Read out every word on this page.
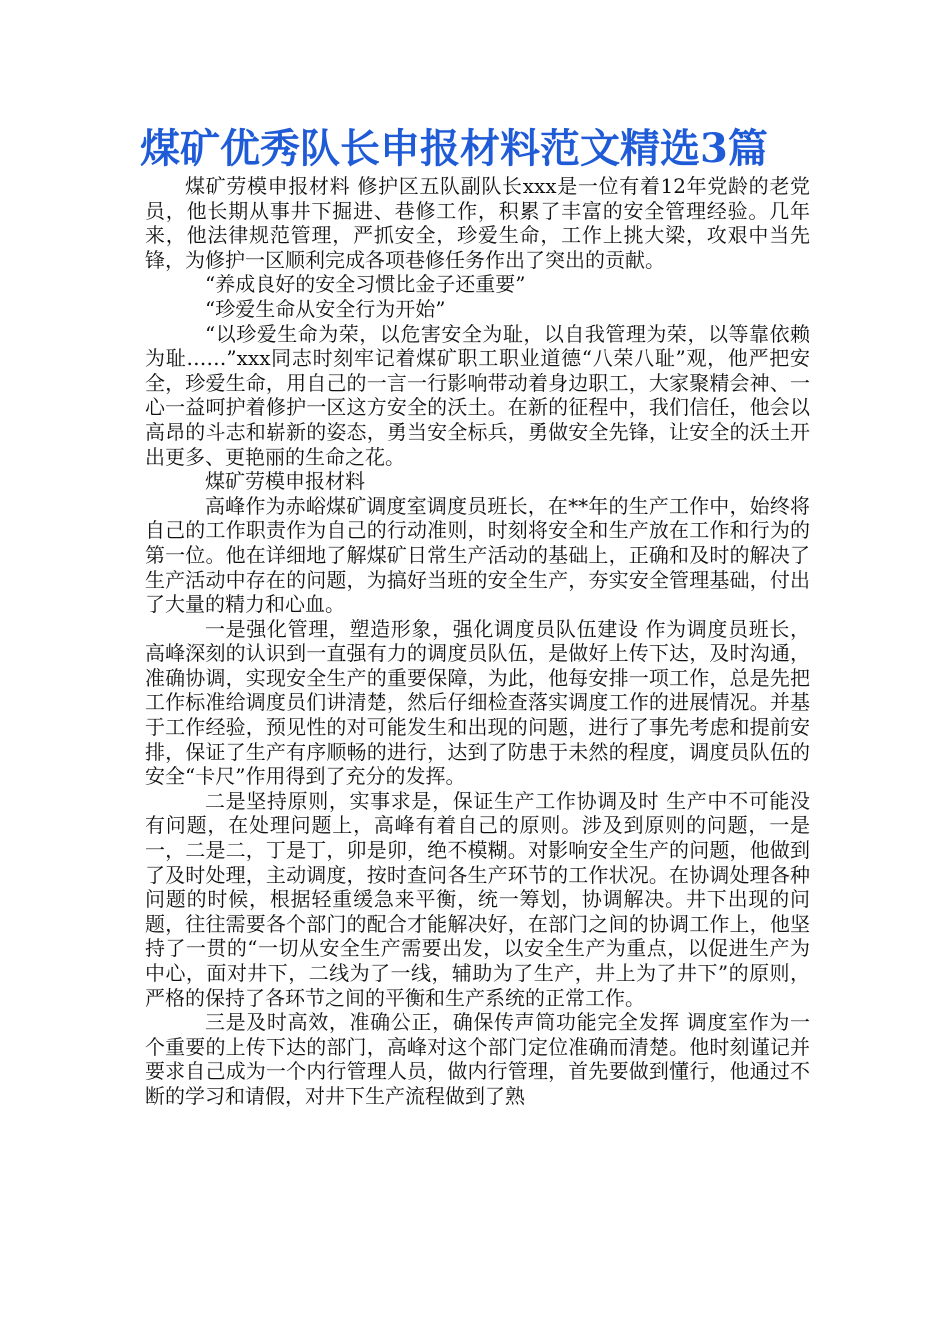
煤矿优秀队长申报材料范文精选3篇

煤矿劳模申报材料 修护区五队副队长xxx是一位有着12年党龄的老党员，他长期从事井下掘进、巷修工作，积累了丰富的安全管理经验。几年来，他法律规范管理，严抓安全，珍爱生命，工作上挑大梁，攻艰中当先锋，为修护一区顺利完成各项巷修任务作出了突出的贡献。

“养成良好的安全习惯比金子还重要”

“珍爱生命从安全行为开始”

“以珍爱生命为荣，以危害安全为耻，以自我管理为荣，以等靠依赖为耻……”xxx同志时刻牢记着煤矿职工职业道德“八荣八耻”观，他严把安全，珍爱生命，用自己的一言一行影响带动着身边职工，大家聚精会神、一心一益呵护着修护一区这方安全的沃土。在新的征程中，我们信任，他会以高昂的斗志和崭新的姿态，勇当安全标兵，勇做安全先锋，让安全的沃土开出更多、更艳丽的生命之花。

煤矿劳模申报材料

高峰作为赤峪煤矿调度室调度员班长，在**年的生产工作中，始终将自己的工作职责作为自己的行动准则，时刻将安全和生产放在工作和行为的第一位。他在详细地了解煤矿日常生产活动的基础上，正确和及时的解决了生产活动中存在的问题，为搞好当班的安全生产，夯实安全管理基础，付出了大量的精力和心血。

一是强化管理，塑造形象，强化调度员队伍建设 作为调度员班长，高峰深刻的认识到一直强有力的调度员队伍，是做好上传下达，及时沟通，准确协调，实现安全生产的重要保障，为此，他每安排一项工作，总是先把工作标准给调度员们讲清楚，然后仔细检查落实调度工作的进展情况。并基于工作经验，预见性的对可能发生和出现的问题，进行了事先考虑和提前安排，保证了生产有序顺畅的进行，达到了防患于未然的程度，调度员队伍的安全“卡尺”作用得到了充分的发挥。

二是坚持原则，实事求是，保证生产工作协调及时 生产中不可能没有问题，在处理问题上，高峰有着自己的原则。涉及到原则的问题，一是一，二是二，丁是丁，卯是卯，绝不模糊。对影响安全生产的问题，他做到了及时处理，主动调度，按时查问各生产环节的工作状况。在协调处理各种问题的时候，根据轻重缓急来平衡，统一筹划，协调解决。井下出现的问题，往往需要各个部门的配合才能解决好，在部门之间的协调工作上，他坚持了一贯的“一切从安全生产需要出发，以安全生产为重点，以促进生产为中心，面对井下，二线为了一线，辅助为了生产，井上为了井下”的原则，严格的保持了各环节之间的平衡和生产系统的正常工作。

三是及时高效，准确公正，确保传声筒功能完全发挥 调度室作为一个重要的上传下达的部门，高峰对这个部门定位准确而清楚。他时刻谨记并要求自己成为一个内行管理人员，做内行管理，首先要做到懂行，他通过不断的学习和请假，对井下生产流程做到了熟
